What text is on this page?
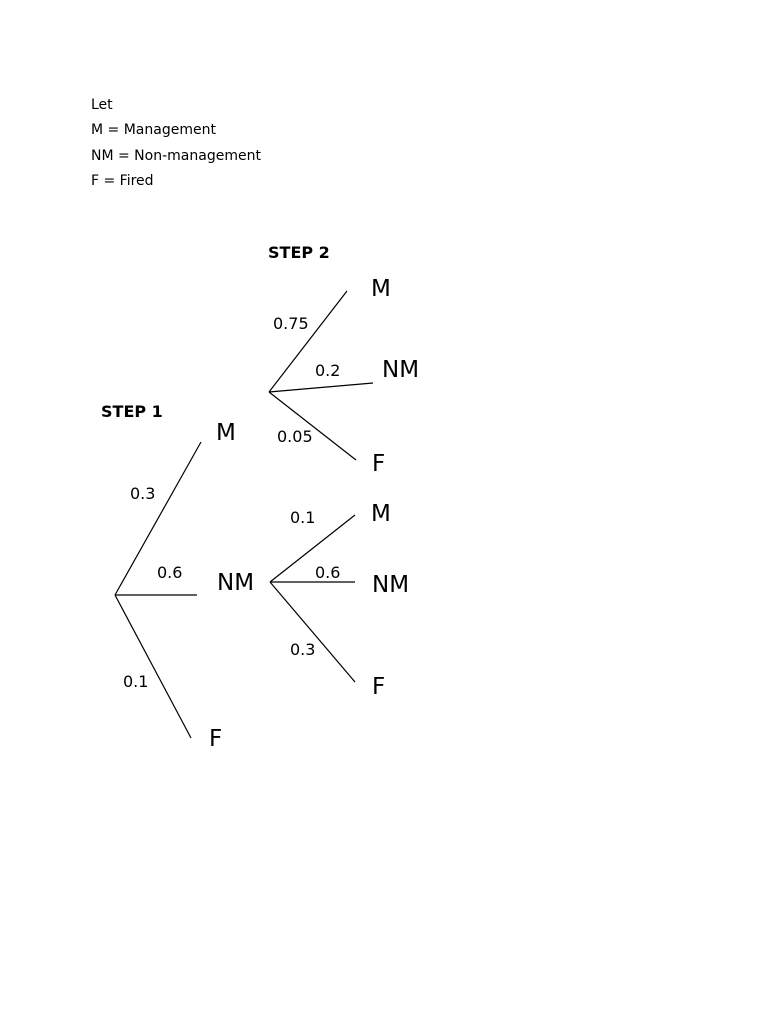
Let
M = Management
NM = Non-management
F = Fired
STEP 2
STEP 1
0.3
M
0.6 NM
0.1
F
0.75
M
0.2 NM
0.05
F
0.1 M
0.6 NM
0.3
F
